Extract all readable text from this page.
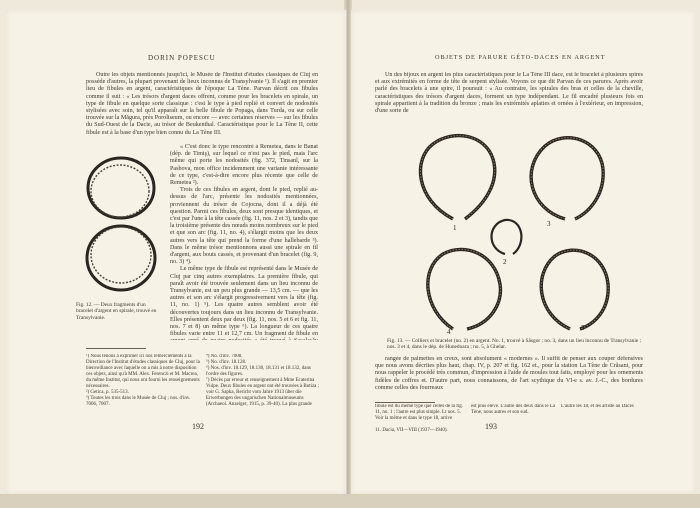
DORIN POPESCU

Outre les objets mentionnés jusqu'ici, le Musée de l'Institut d'études classiques de Cluj en possède d'autres, la plupart provenant de lieux inconnus de Transylvanie ¹). Il s'agit en premier lieu de fibules en argent, caractéristiques de l'époque La Tène. Parvan décrit ces fibules comme il suit : « Les trésors d'argent daces offrent, comme pour les bracelets en spirale, un type de fibule en quelque sorte classique : c'est le type à pied replié et convert de nodosités stylisées avec soin, tel qu'il apparaît sur la belle fibule de Popaga, dans Turda, ou sur celle trouvée sur la Măgura, près Poroliseum, ou encore — avec certaines réserves — sur les fibules du Sud-Ouest de la Dacie, au trésor de Beukenthal. Caractéristique pour le La Tène II, cette fibule est à la base d'un type bien connu du La Tène III.

« C'est donc le type rencontré à Remetea, dans le Banat (dép. de Timiş), sur lequel ce n'est pas le pied, mais l'arc même qui porte les nodosités (fig. 372, Tinsanl, sur la Pasbova, mon office incidemment une variante intéressante de ce type, c'est-à-dire encore plus récente que celle de Remetea ²).

Trois de ces fibules en argent, dont le pied, replié au-dessus de l'arc, présente les nodosités mentionnées, proviennent du trésor de Cojocna, dont il a déjà été question. Parmi ces fibules, deux sont presque identiques, et c'est par l'une à la tête cassée (fig. 11, nos. 2 et 3), tandis que la troisième présente des nœuds moins nombreux sur le pied et que son arc (fig. 11, no. 4), s'élargit moins que les deux autres vers la tête qui prend la forme d'une hallebarde ³). Dans le même trésor mentionnons aussi une spirale en fil d'argent, aux bouts cassés, et provenant d'un bracelet (fig. 9, no. 3) ⁴).

Le même type de fibule est représenté dans le Musée de Cluj par cinq autres exemplaires. La première fibule, qui paraît avoir été trouvée seulement dans un lieu inconnu de Transylvanie, est un peu plus grande — 13,5 cm. — que les autres et son arc s'élargit progressivement vers la tête (fig. 11, no. 1) ⁵). Les quatre autres semblent avoir été découvertes toujours dans un lieu inconnu de Transylvanie. Elles présentent deux par deux (fig. 11, nos. 5 et 6 et fig. 11, nos. 7 et 8) un même type ⁶). La longueur de ces quatre fibules varie entre 11 et 12,7 cm. Un fragment de fibule en

Fig. 12. — Deux fragments d'un bracelet d'argent en spirale, trouvé en Transylvanie.
¹) Nous tenons à exprimer ici nos remerciements à la Direction de l'Institut d'études classiques de Cluj, pour la bienveillance avec laquelle on a mis à notre disposition ces objets, ainsi qu'à MM. Alex. Ferenczi et M. Macrea, du même Institut, qui nous ont fourni les renseignements nécessaires.
²) Getica, p. 535-513.
³) Toutes les trois dans le Musée de Cluj ; nos. d'inv. 7006, 7007.
⁴) No. d'inv. 7008.
⁵) No. d'inv. 18.128.
⁶) Nos. d'inv. 18.129, 18.130, 18.131 et 18.132, dans l'ordre des figures.
⁷) Décès par erreur et renseignement à Mme Ecaterina Vulpe. Deux fibules en argent ont été trouvées à Botiza ; voir G. Sapka, Bericht vom Jahre 1913 über die Erwerbungen des ungarischen Nationalmuseums (Archaeol. Anzeiger, 1915, p. 39-40). La plus grande
192
OBJETS DE PARURE GÉTO-DACES EN ARGENT

Un des bijoux en argent les plus caractéristiques pour le La Tène III dace, est le bracelet à plusieurs spires et aux extrémités en forme de tête de serpent stylisée. Voyons ce que dit Parvan de ces parures. Après avoir parlé des bracelets à une spire, il poursuit : « Au contraire, les spirales des bras et celles de la cheville, caractéristiques des trésors d'argent daces, forment un type indépendant. Le fil encadré plusieurs fois en spirale appartient à la tradition du bronze ; mais les extrémités aplaties et ornées à l'extérieur, en impression, d'une sorte de

1
2
3
4	5
Fig. 13. — Colliers et bracelet (no. 2) en argent. No. 1, trouvé à Săsgor ; no. 3, dans un lieu inconnu de Transylvanie ; nos. 3 et 4, dans le dép. de Hunedoara ; no. 5, à Ghelar.

rangée de palmettes en creux, sont absolument « modernes ». Il suffit de penser aux couper défensives que nous avons décrites plus haut, chap. IV, p. 207 et fig. 162 et., pour la station La Tène de Crăsani, pour nous rappeler le procédé très commun, d'impression à l'aide de moules tout faits, employé pour les ornements fidèles de coffres et. D'autre part, nous connaissons, de l'art scythique du VI-e s. av. J.-C., des bordures comme celles des fourreaux

fibule est du même type que celles de la fig. 11, no. 1 ; l'autre est plus simple. Lt nos. 5. Voir la même et dans le type 18, arrive
est plus élevé. L'autre des deux dans le La Tène, nous autres et son sud.
L'autre les 18, et les artiste au Daces
193
11. Dacia, VII—VIII (1937—1940).
